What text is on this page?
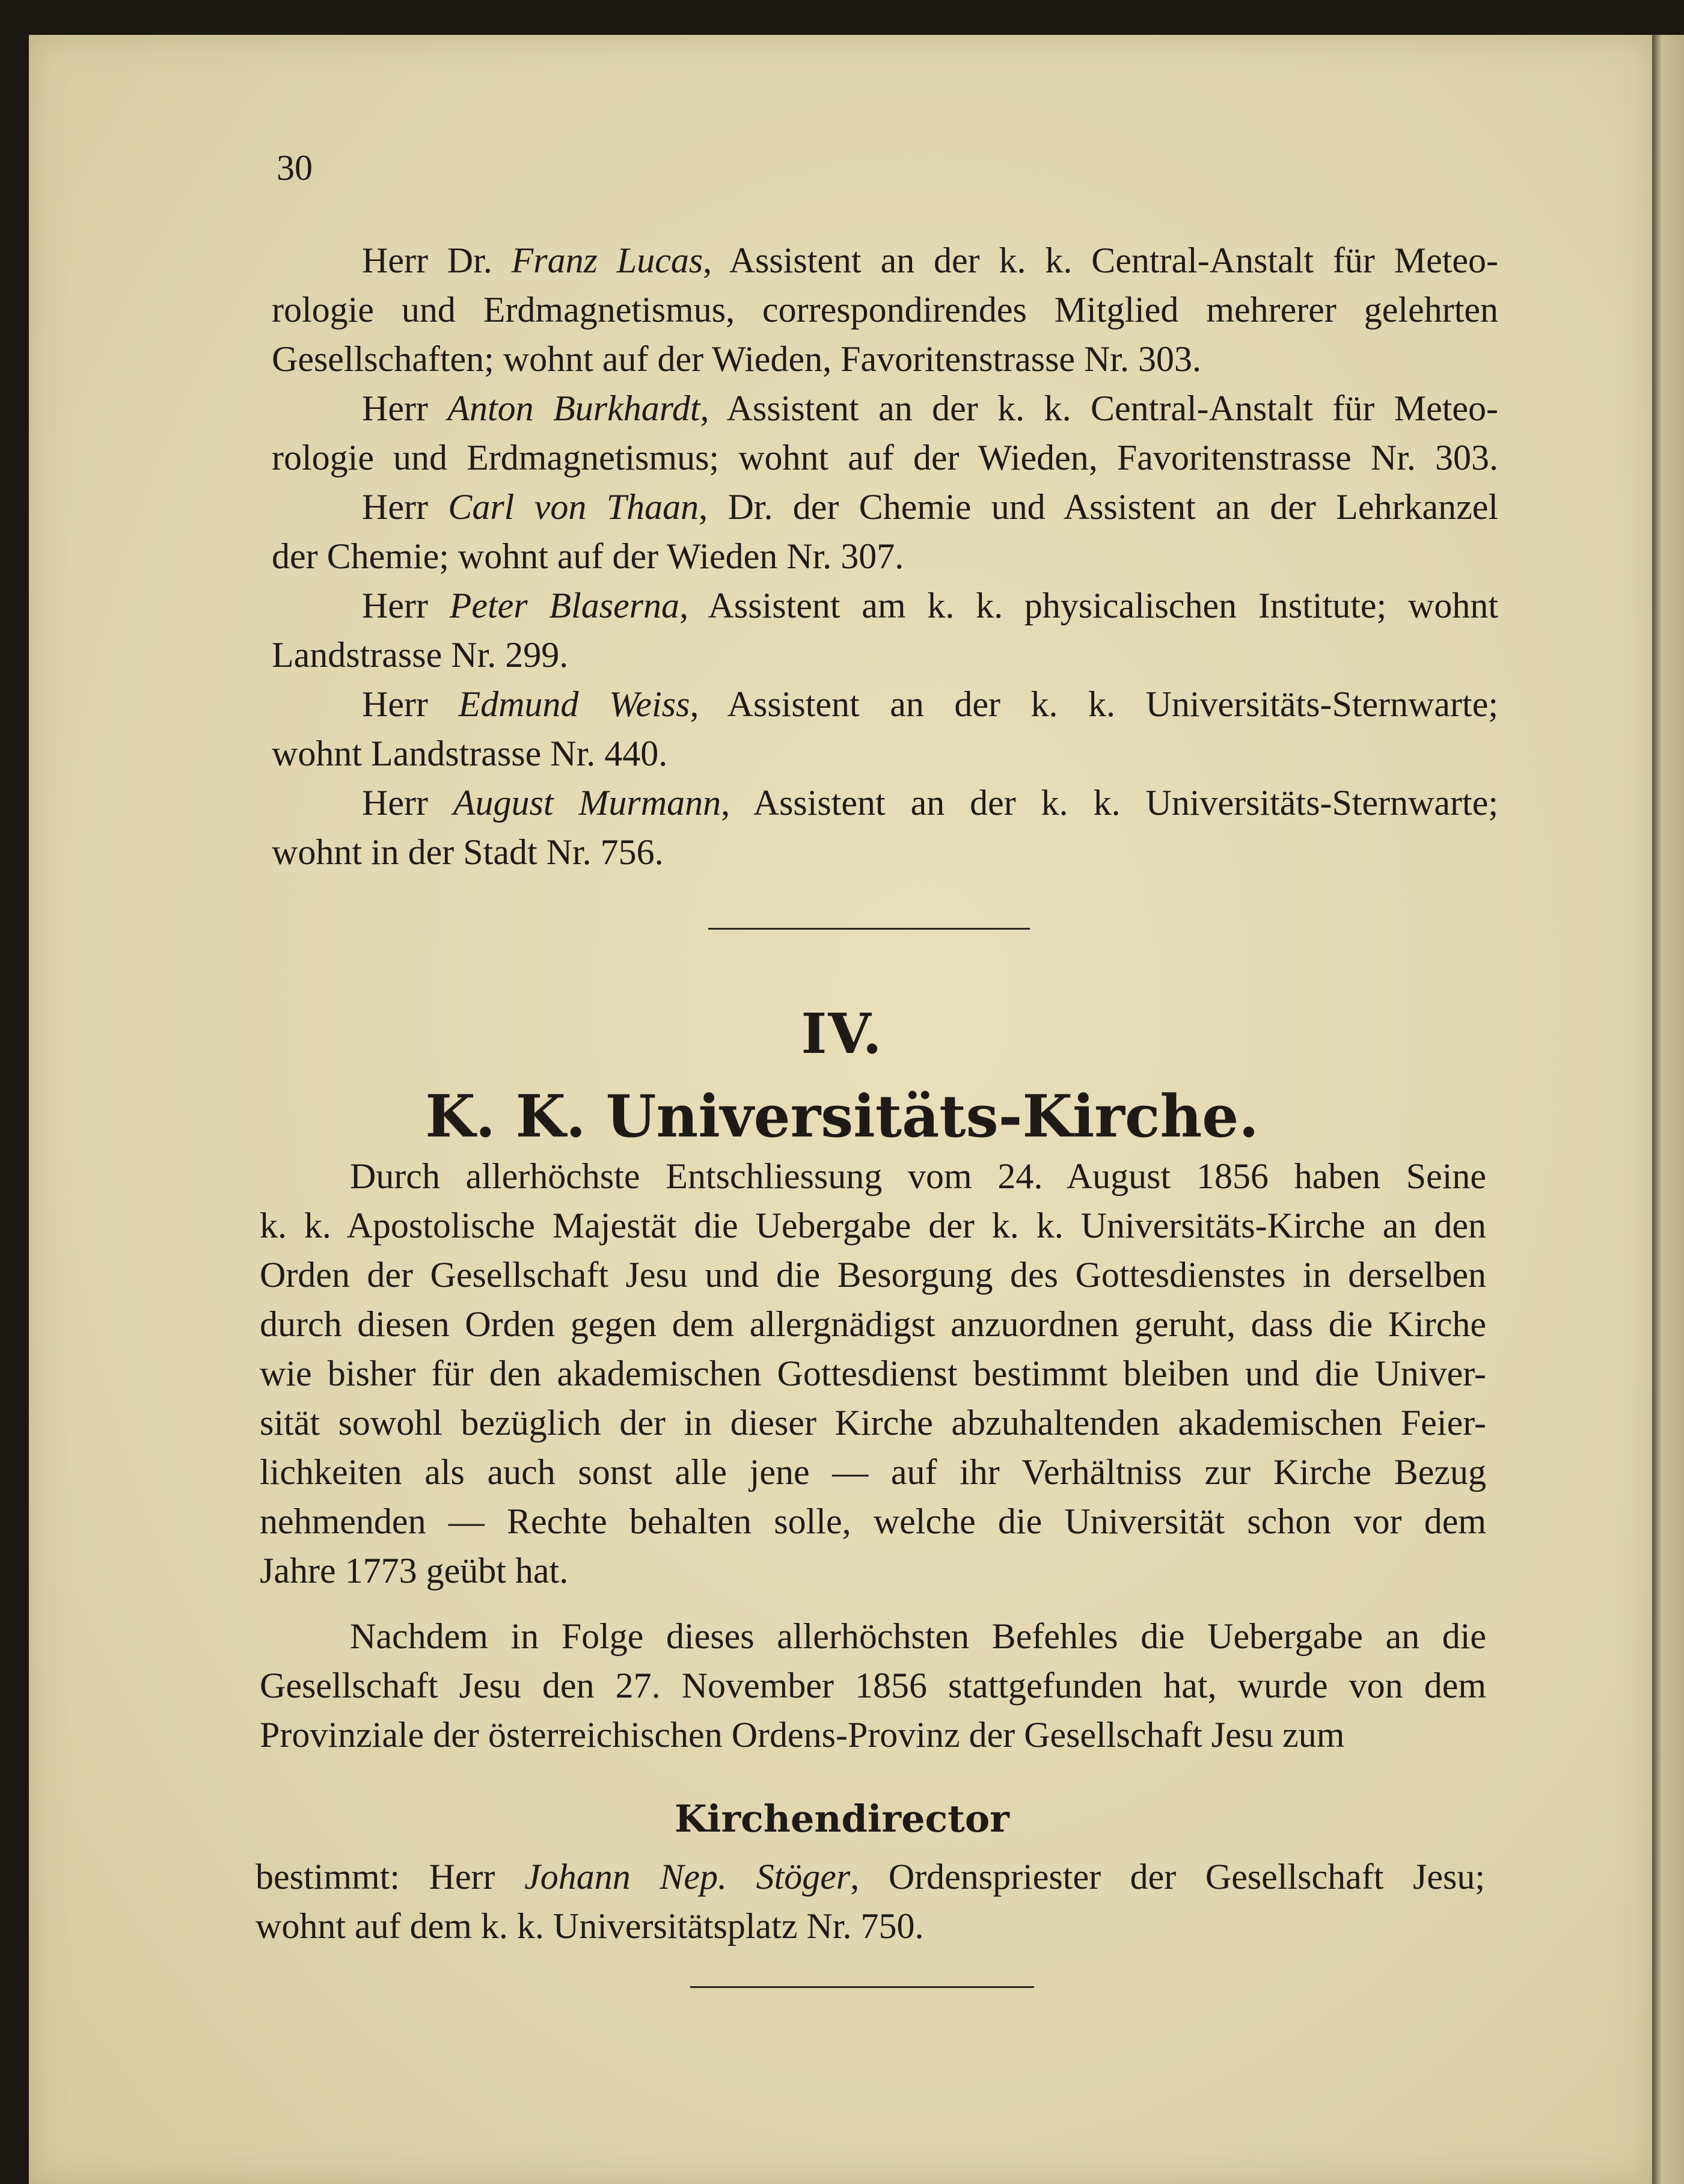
30
Herr Dr. Franz Lucas, Assistent an der k. k. Central-Anstalt für Meteo-
rologie und Erdmagnetismus, correspondirendes Mitglied mehrerer gelehrten
Gesellschaften; wohnt auf der Wieden, Favoritenstrasse Nr. 303.
Herr Anton Burkhardt, Assistent an der k. k. Central-Anstalt für Meteo-
rologie und Erdmagnetismus; wohnt auf der Wieden, Favoritenstrasse Nr. 303.
Herr Carl von Thaan, Dr. der Chemie und Assistent an der Lehrkanzel
der Chemie; wohnt auf der Wieden Nr. 307.
Herr Peter Blaserna, Assistent am k. k. physicalischen Institute; wohnt
Landstrasse Nr. 299.
Herr Edmund Weiss, Assistent an der k. k. Universitäts-Sternwarte;
wohnt Landstrasse Nr. 440.
Herr August Murmann, Assistent an der k. k. Universitäts-Sternwarte;
wohnt in der Stadt Nr. 756.
IV.
K. K. Universitäts-Kirche.
Durch allerhöchste Entschliessung vom 24. August 1856 haben Seine
k. k. Apostolische Majestät die Uebergabe der k. k. Universitäts-Kirche an den
Orden der Gesellschaft Jesu und die Besorgung des Gottesdienstes in derselben
durch diesen Orden gegen dem allergnädigst anzuordnen geruht, dass die Kirche
wie bisher für den akademischen Gottesdienst bestimmt bleiben und die Univer-
sität sowohl bezüglich der in dieser Kirche abzuhaltenden akademischen Feier-
lichkeiten als auch sonst alle jene — auf ihr Verhältniss zur Kirche Bezug
nehmenden — Rechte behalten solle, welche die Universität schon vor dem
Jahre 1773 geübt hat.
Nachdem in Folge dieses allerhöchsten Befehles die Uebergabe an die
Gesellschaft Jesu den 27. November 1856 stattgefunden hat, wurde von dem
Provinziale der österreichischen Ordens-Provinz der Gesellschaft Jesu zum
Kirchendirector
bestimmt: Herr Johann Nep. Stöger, Ordenspriester der Gesellschaft Jesu;
wohnt auf dem k. k. Universitätsplatz Nr. 750.
